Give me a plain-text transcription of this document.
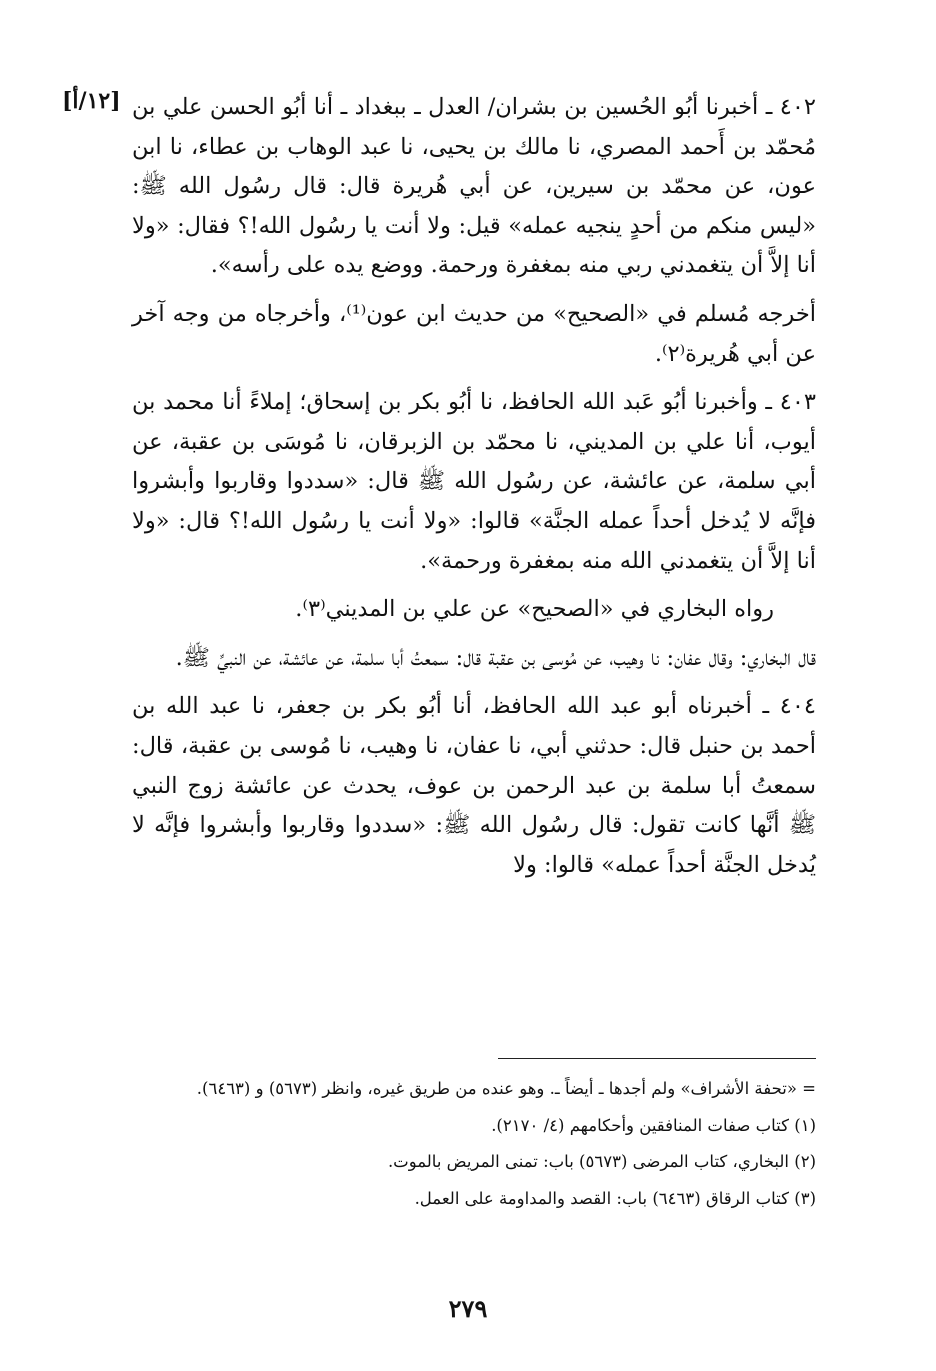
[١٢/أ] ٤٠٢ ـ أخبرنا أبُو الحُسين بن بشران/ العدل ـ ببغداد ـ أنا أبُو الحسن علي بن مُحمّد بن أَحمد المصري، نا مالك بن يحيى، نا عبد الوهاب بن عطاء، نا ابن عون، عن محمّد بن سيرين، عن أبي هُريرة قال: قال رسُول الله ﷺ: «ليس منكم من أحدٍ ينجيه عمله» قيل: ولا أنت يا رسُول الله!؟ فقال: «ولا أنا إلاَّ أن يتغمدني ربي منه بمغفرة ورحمة. ووضع يده على رأسه».

أخرجه مُسلم في «الصحيح» من حديث ابن عون⁽¹⁾، وأخرجاه من وجه آخر عن أبي هُريرة⁽٢⁾.

٤٠٣ ـ وأخبرنا أبُو عَبد الله الحافظ، نا أبُو بكر بن إسحاق؛ إملاءً أنا محمد بن أيوب، أنا علي بن المديني، نا محمّد بن الزبرقان، نا مُوسَى بن عقبة، عن أبي سلمة، عن عائشة، عن رسُول الله ﷺ قال: «سددوا وقاربوا وأبشروا فإنَّه لا يُدخل أحداً عمله الجنَّة» قالوا: «ولا أنت يا رسُول الله!؟ قال: «ولا أنا إلاَّ أن يتغمدني الله منه بمغفرة ورحمة».

رواه البخاري في «الصحيح» عن علي بن المديني⁽٣⁾.

قال البخاري: وقال عفان: نا وهيب، عن مُوسى بن عقبة قال: سمعتُ أبا سلمة، عن عائشة، عن النبيِّ ﷺ.

٤٠٤ ـ أخبرناه أبو عبد الله الحافظ، أنا أبُو بكر بن جعفر، نا عبد الله بن أحمد بن حنبل قال: حدثني أبي، نا عفان، نا وهيب، نا مُوسى بن عقبة، قال: سمعتُ أبا سلمة بن عبد الرحمن بن عوف، يحدث عن عائشة زوج النبي ﷺ أنَّها كانت تقول: قال رسُول الله ﷺ: «سددوا وقاربوا وأبشروا فإنَّه لا يُدخل الجنَّة أحداً عمله» قالوا: ولا

= «تحفة الأشراف» ولم أجدها ـ أيضاً ـ. وهو عنده من طريق غيره، وانظر (٥٦٧٣) و (٦٤٦٣).

(١) كتاب صفات المنافقين وأحكامهم (٤/ ٢١٧٠).

(٢) البخاري، كتاب المرضى (٥٦٧٣) باب: تمنى المريض بالموت.

(٣) كتاب الرقاق (٦٤٦٣) باب: القصد والمداومة على العمل.

٢٧٩
